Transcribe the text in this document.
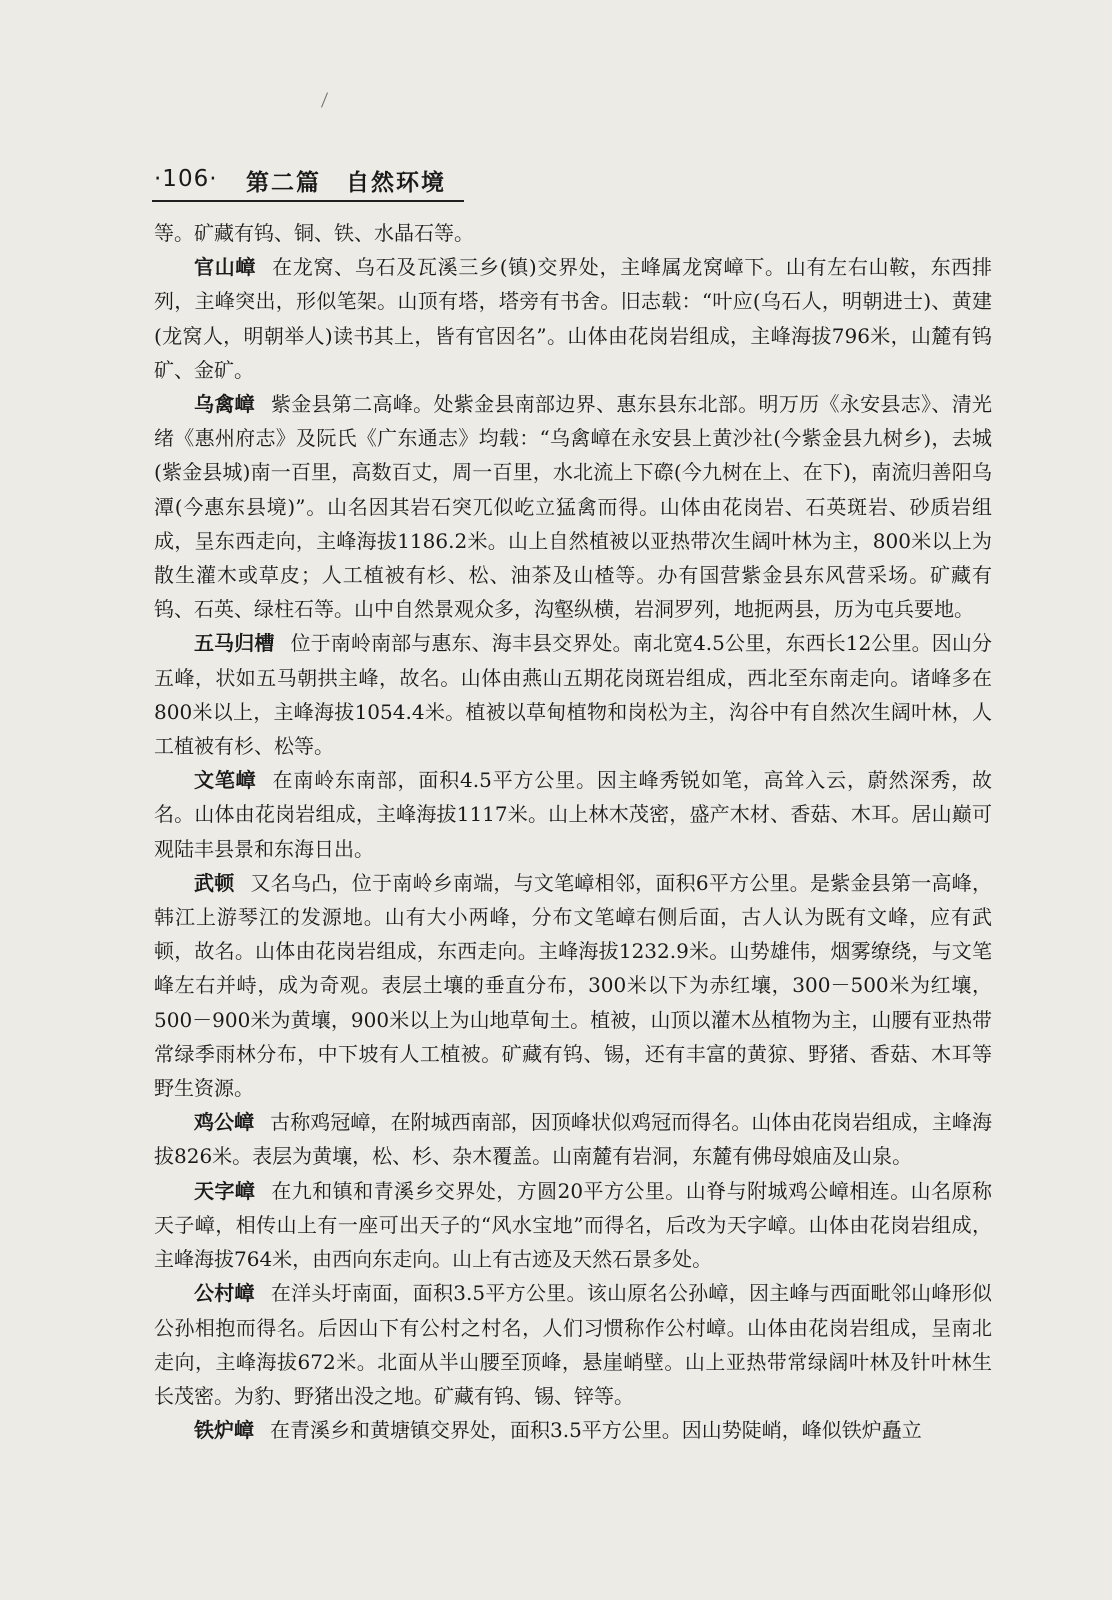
·106· 第二篇　自然环境

等。矿藏有钨、铜、铁、水晶石等。

官山嶂 在龙窝、乌石及瓦溪三乡(镇)交界处，主峰属龙窝嶂下。山有左右山鞍，东西排列，主峰突出，形似笔架。山顶有塔，塔旁有书舍。旧志载：“叶应(乌石人，明朝进士)、黄建(龙窝人，明朝举人)读书其上，皆有官因名”。山体由花岗岩组成，主峰海拔796米，山麓有钨矿、金矿。

乌禽嶂 紫金县第二高峰。处紫金县南部边界、惠东县东北部。明万历《永安县志》、清光绪《惠州府志》及阮氏《广东通志》均载：“乌禽嶂在永安县上黄沙社(今紫金县九树乡)，去城(紫金县城)南一百里，高数百丈，周一百里，水北流上下磜(今九树在上、在下)，南流归善阳乌潭(今惠东县境)”。山名因其岩石突兀似屹立猛禽而得。山体由花岗岩、石英斑岩、砂质岩组成，呈东西走向，主峰海拔1186.2米。山上自然植被以亚热带次生阔叶林为主，800米以上为散生灌木或草皮；人工植被有杉、松、油茶及山楂等。办有国营紫金县东风营采场。矿藏有钨、石英、绿柱石等。山中自然景观众多，沟壑纵横，岩洞罗列，地扼两县，历为屯兵要地。

五马归槽 位于南岭南部与惠东、海丰县交界处。南北宽4.5公里，东西长12公里。因山分五峰，状如五马朝拱主峰，故名。山体由燕山五期花岗斑岩组成，西北至东南走向。诸峰多在800米以上，主峰海拔1054.4米。植被以草甸植物和岗松为主，沟谷中有自然次生阔叶林，人工植被有杉、松等。

文笔嶂 在南岭东南部，面积4.5平方公里。因主峰秀锐如笔，高耸入云，蔚然深秀，故名。山体由花岗岩组成，主峰海拔1117米。山上林木茂密，盛产木材、香菇、木耳。居山巅可观陆丰县景和东海日出。

武顿 又名乌凸，位于南岭乡南端，与文笔嶂相邻，面积6平方公里。是紫金县第一高峰，韩江上游琴江的发源地。山有大小两峰，分布文笔嶂右侧后面，古人认为既有文峰，应有武顿，故名。山体由花岗岩组成，东西走向。主峰海拔1232.9米。山势雄伟，烟雾缭绕，与文笔峰左右并峙，成为奇观。表层土壤的垂直分布，300米以下为赤红壤，300－500米为红壤，500－900米为黄壤，900米以上为山地草甸土。植被，山顶以灌木丛植物为主，山腰有亚热带常绿季雨林分布，中下坡有人工植被。矿藏有钨、锡，还有丰富的黄猄、野猪、香菇、木耳等野生资源。

鸡公嶂 古称鸡冠嶂，在附城西南部，因顶峰状似鸡冠而得名。山体由花岗岩组成，主峰海拔826米。表层为黄壤，松、杉、杂木覆盖。山南麓有岩洞，东麓有佛母娘庙及山泉。

天字嶂 在九和镇和青溪乡交界处，方圆20平方公里。山脊与附城鸡公嶂相连。山名原称天子嶂，相传山上有一座可出天子的“风水宝地”而得名，后改为天字嶂。山体由花岗岩组成，主峰海拔764米，由西向东走向。山上有古迹及天然石景多处。

公村嶂 在洋头圩南面，面积3.5平方公里。该山原名公孙嶂，因主峰与西面毗邻山峰形似公孙相抱而得名。后因山下有公村之村名，人们习惯称作公村嶂。山体由花岗岩组成，呈南北走向，主峰海拔672米。北面从半山腰至顶峰，悬崖峭壁。山上亚热带常绿阔叶林及针叶林生长茂密。为豹、野猪出没之地。矿藏有钨、锡、锌等。

铁炉嶂 在青溪乡和黄塘镇交界处，面积3.5平方公里。因山势陡峭，峰似铁炉矗立
